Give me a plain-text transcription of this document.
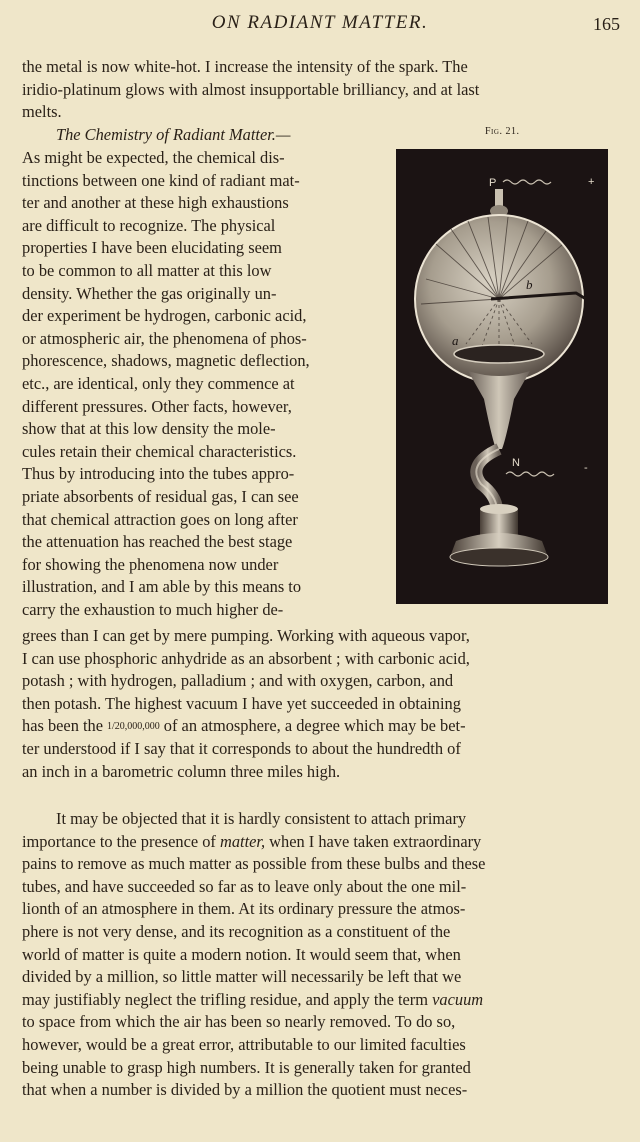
ON RADIANT MATTER.	165

the metal is now white-hot. I increase the intensity of the spark. The

iridio-platinum glows with almost insupportable brilliancy, and at last

melts.

The Chemistry of Radiant Matter.—	Fig. 21.

As might be expected, the chemical dis-

tinctions between one kind of radiant mat-

ter and another at these high exhaustions

are difficult to recognize. The physical

properties I have been elucidating seem

to be common to all matter at this low

density. Whether the gas originally un-

der experiment be hydrogen, carbonic acid,

or atmospheric air, the phenomena of phos-

phorescence, shadows, magnetic deflection,

etc., are identical, only they commence at

different pressures. Other facts, however,

show that at this low density the mole-

cules retain their chemical characteristics.

Thus by introducing into the tubes appro-

priate absorbents of residual gas, I can see

that chemical attraction goes on long after

the attenuation has reached the best stage

for showing the phenomena now under

illustration, and I am able by this means to

carry the exhaustion to much higher de-

P	+
b
a
N	-

grees than I can get by mere pumping. Working with aqueous vapor,

I can use phosphoric anhydride as an absorbent ; with carbonic acid,

potash ; with hydrogen, palladium ; and with oxygen, carbon, and

then potash. The highest vacuum I have yet succeeded in obtaining

has been the 1/20,000,000 of an atmosphere, a degree which may be bet-

ter understood if I say that it corresponds to about the hundredth of

an inch in a barometric column three miles high.

It may be objected that it is hardly consistent to attach primary

importance to the presence of matter, when I have taken extraordinary

pains to remove as much matter as possible from these bulbs and these

tubes, and have succeeded so far as to leave only about the one mil-

lionth of an atmosphere in them. At its ordinary pressure the atmos-

phere is not very dense, and its recognition as a constituent of the

world of matter is quite a modern notion. It would seem that, when

divided by a million, so little matter will necessarily be left that we

may justifiably neglect the trifling residue, and apply the term vacuum

to space from which the air has been so nearly removed. To do so,

however, would be a great error, attributable to our limited faculties

being unable to grasp high numbers. It is generally taken for granted

that when a number is divided by a million the quotient must neces-
